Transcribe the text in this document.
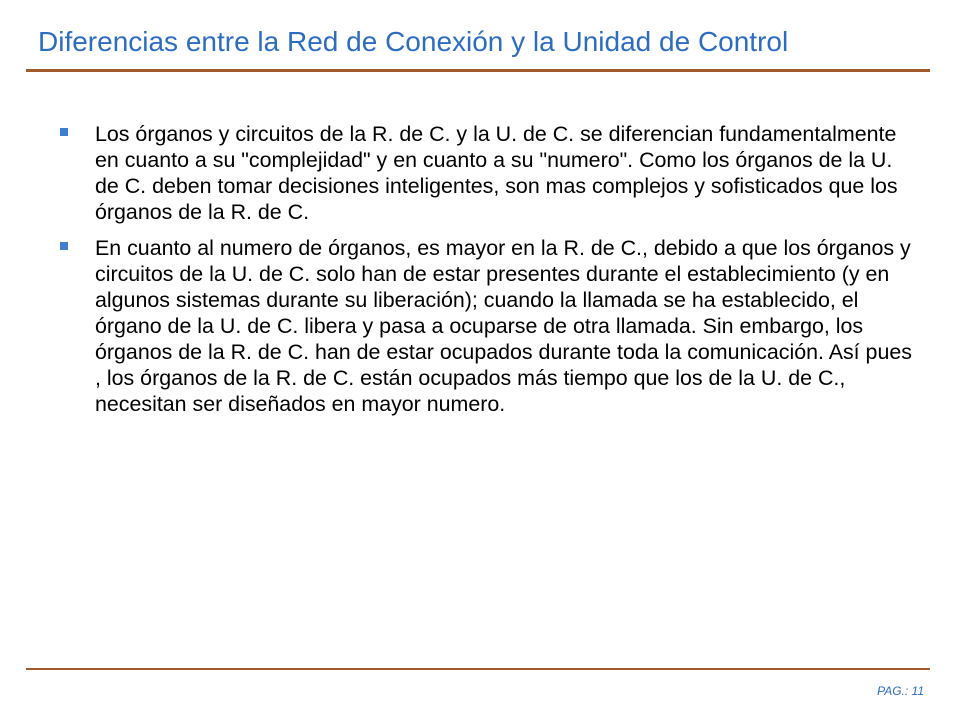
Diferencias entre la Red de Conexión y la Unidad de Control
Los órganos y circuitos de la R. de C. y la U. de C. se diferencian fundamentalmente en cuanto a su "complejidad" y en cuanto a su "numero". Como los órganos de la U. de C. deben tomar decisiones inteligentes, son mas complejos y sofisticados que los órganos de la R. de C.
En cuanto al numero de órganos, es mayor en la R. de C., debido a que los órganos y circuitos de la U. de C. solo han de estar presentes durante el establecimiento (y en algunos sistemas durante su liberación); cuando la llamada se ha establecido, el órgano de la U. de C. libera y pasa a ocuparse de otra llamada. Sin embargo, los órganos de la R. de C. han de estar ocupados durante toda la comunicación. Así pues , los órganos de la R. de C. están ocupados más tiempo que los de la U. de C., necesitan ser diseñados en mayor numero.
PAG.: 11
